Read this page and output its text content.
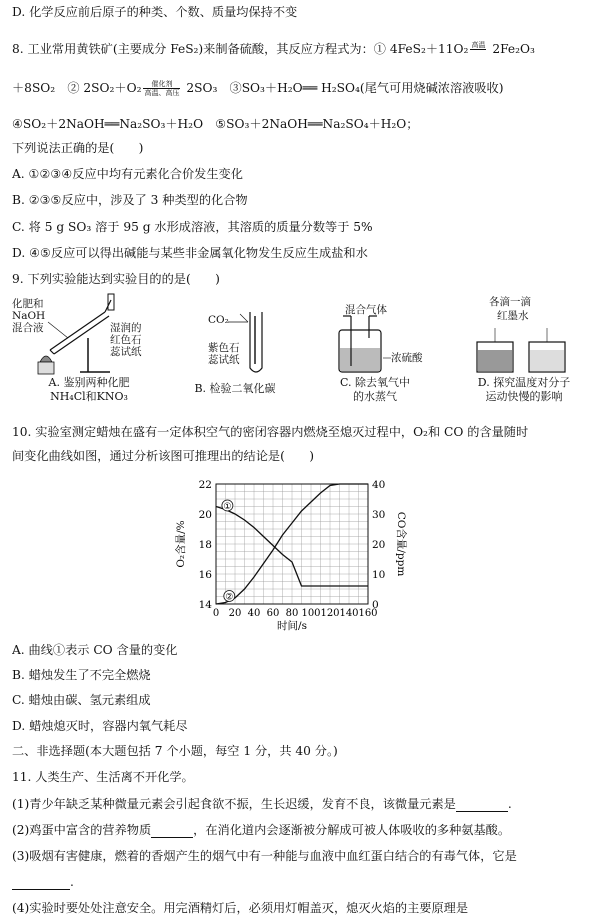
D. 化学反应前后原子的种类、个数、质量均保持不变
8. 工业常用黄铁矿(主要成分 FeS₂)来制备硫酸，其反应方程式为：① 4FeS₂＋11O₂ 高温
2Fe₂O₃
＋8SO₂　② 2SO₂＋O₂	催化剂
高温、高压 2SO₃　③SO₃＋H₂O══ H₂SO₄(尾气可用烧碱浓溶液吸收)
④SO₂＋2NaOH══Na₂SO₃＋H₂O　⑤SO₃＋2NaOH══Na₂SO₄＋H₂O；
下列说法正确的是(　　)
A. ①②③④反应中均有元素化合价发生变化
B. ②③⑤反应中，涉及了 3 种类型的化合物
C. 将 5 g SO₃ 溶于 95 g 水形成溶液，其溶质的质量分数等于 5%
D. ④⑤反应可以得出碱能与某些非金属氧化物发生反应生成盐和水
9. 下列实验能达到实验目的的是(　　)
化肥和
NaOH
混合液	湿润的
红色石
蕊试纸
A. 鉴别两种化肥
NH₄Cl和KNO₃
CO₂
紫色石
蕊试纸
B. 检验二氧化碳
混合气体
浓硫酸
C. 除去氧气中
的水蒸气
各滴一滴
红墨水
D. 探究温度对分子
运动快慢的影响
10. 实验室测定蜡烛在盛有一定体积空气的密闭容器内燃烧至熄灭过程中，O₂和 CO 的含量随时
间变化曲线如图，通过分析该图可推理出的结论是(　　)
0 20 40 60 80 100 120 140 160
14
16
18
20
22
0
10
20
30
40
时间/s
O₂含量/%	CO含量/ppm
①
②
A. 曲线①表示 CO 含量的变化
B. 蜡烛发生了不完全燃烧
C. 蜡烛由碳、氢元素组成
D. 蜡烛熄灭时，容器内氧气耗尽
二、非选择题(本大题包括 7 个小题，每空 1 分，共 40 分。)
11. 人类生产、生活离不开化学。
(1)青少年缺乏某种微量元素会引起食欲不振，生长迟缓，发育不良，该微量元素是	.
(2)鸡蛋中富含的营养物质	，在消化道内会逐渐被分解成可被人体吸收的多种氨基酸。
(3)吸烟有害健康，燃着的香烟产生的烟气中有一种能与血液中血红蛋白结合的有毒气体，它是
.
(4)实验时要处处注意安全。用完酒精灯后，必须用灯帽盖灭，熄灭火焰的主要原理是
